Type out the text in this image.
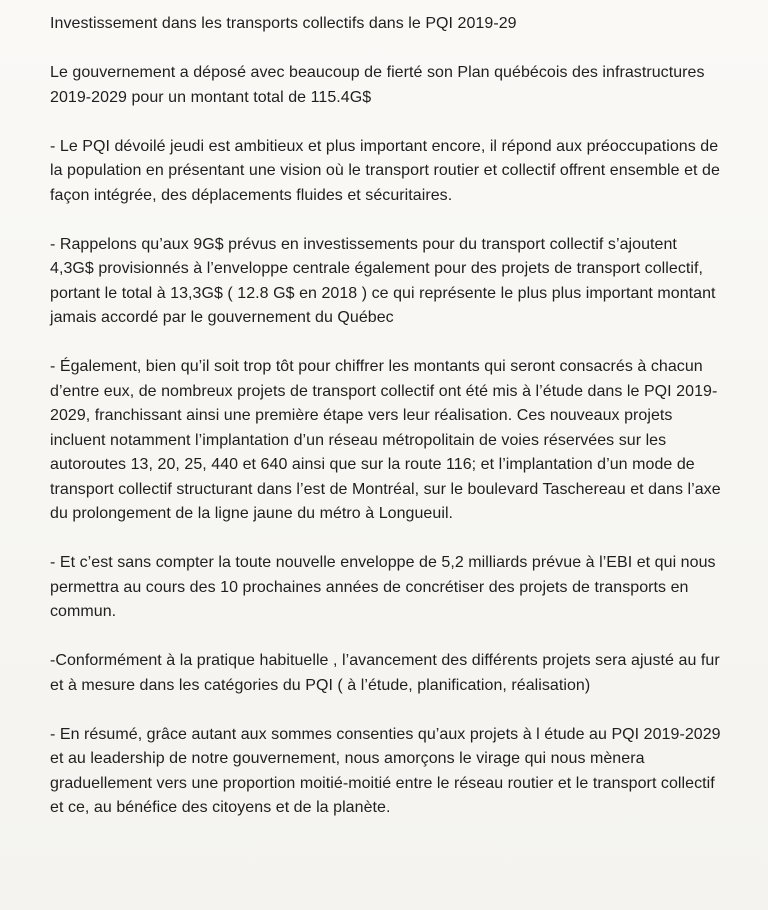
Investissement dans les transports collectifs dans le PQI 2019-29

Le gouvernement a déposé avec beaucoup de fierté son Plan québécois des infrastructures 2019-2029 pour un montant total de 115.4G$

- Le PQI dévoilé jeudi est ambitieux et plus important encore, il répond aux préoccupations de la population en présentant une vision où le transport routier et collectif offrent ensemble et de façon intégrée, des déplacements fluides et sécuritaires.

- Rappelons qu’aux 9G$ prévus en investissements pour du transport collectif s’ajoutent 4,3G$ provisionnés à l’enveloppe centrale également pour des projets de transport collectif, portant le total à 13,3G$ ( 12.8 G$ en 2018 ) ce qui représente le plus plus important montant jamais accordé par le gouvernement du Québec

- Également, bien qu’il soit trop tôt pour chiffrer les montants qui seront consacrés à chacun d’entre eux, de nombreux projets de transport collectif ont été mis à l’étude dans le PQI 2019-2029, franchissant ainsi une première étape vers leur réalisation. Ces nouveaux projets incluent notamment l’implantation d’un réseau métropolitain de voies réservées sur les autoroutes 13, 20, 25, 440 et 640 ainsi que sur la route 116; et l’implantation d’un mode de transport collectif structurant dans l’est de Montréal, sur le boulevard Taschereau et dans l’axe du prolongement de la ligne jaune du métro à Longueuil.

- Et c’est sans compter la toute nouvelle enveloppe de 5,2 milliards prévue à l’EBI et qui nous permettra au cours des 10 prochaines années de concrétiser des projets de transports en commun.

-Conformément à la pratique habituelle , l’avancement des différents projets sera ajusté au fur et à mesure dans les catégories du PQI ( à l’étude, planification, réalisation)

- En résumé, grâce autant aux sommes consenties qu’aux projets à l étude au PQI 2019-2029 et au leadership de notre gouvernement, nous amorçons le virage qui nous mènera graduellement vers une proportion moitié-moitié entre le réseau routier et le transport collectif et ce, au bénéfice des citoyens et de la planète.
